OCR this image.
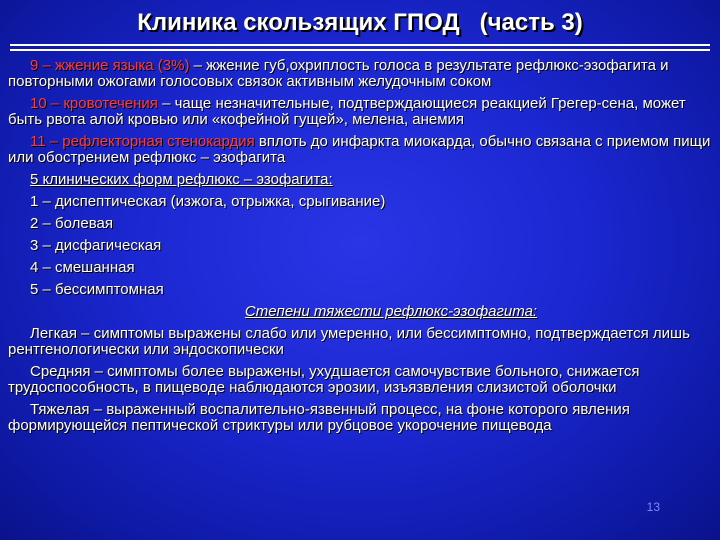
Клиника скользящих ГПОД   (часть 3)

9 – жжение языка (3%) – жжение губ,охриплость голоса в результате рефлюкс-эзофагита и повторными ожогами голосовых связок активным желудочным соком

10 – кровотечения – чаще незначительные, подтверждающиеся реакцией Грегер-сена, может быть рвота алой кровью или «кофейной гущей», мелена, анемия

11 – рефлекторная стенокардия вплоть до инфаркта миокарда, обычно связана с приемом пищи или обострением рефлюкс – эзофагита

5 клинических форм рефлюкс – эзофагита:

1 – диспептическая (изжога, отрыжка, срыгивание)

2 – болевая

3 – дисфагическая

4 – смешанная

5 – бессимптомная

Степени тяжести рефлюкс-эзофагита:

Легкая – симптомы выражены слабо или умеренно, или бессимптомно, подтверждается лишь рентгенологически или эндоскопически

Средняя – симптомы более выражены, ухудшается самочувствие больного, снижается трудоспособность, в пищеводе наблюдаются эрозии, изъязвления слизистой оболочки

Тяжелая – выраженный воспалительно-язвенный процесс, на фоне которого явления формирующейся пептической стриктуры или рубцовое укорочение пищевода

13
